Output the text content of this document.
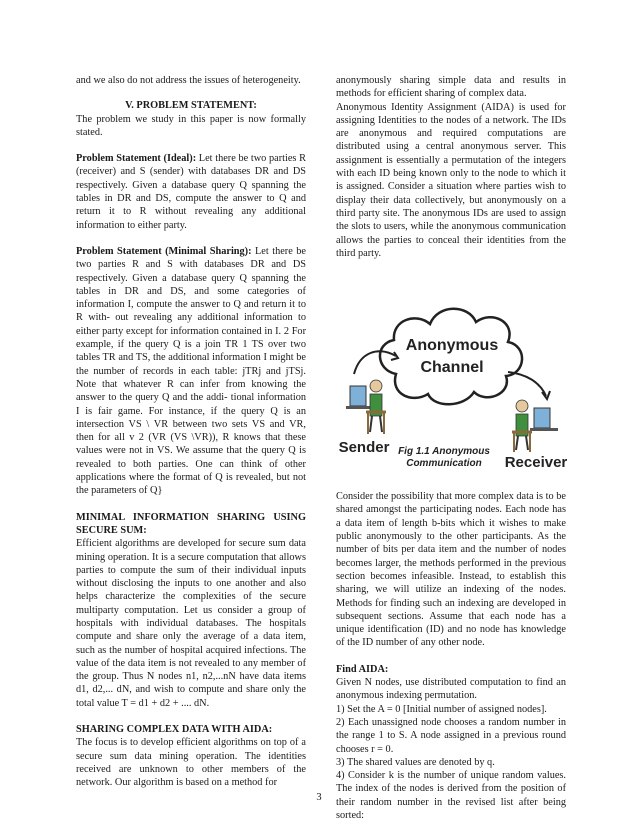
and we also do not address the issues of heterogeneity.

V. PROBLEM STATEMENT:

The problem we study in this paper is now formally stated.

Problem Statement (Ideal): Let there be two parties R (receiver) and S (sender) with databases DR and DS respectively. Given a database query Q spanning the tables in DR and DS, compute the answer to Q and return it to R without revealing any additional information to either party.

Problem Statement (Minimal Sharing): Let there be two parties R and S with databases DR and DS respectively. Given a database query Q spanning the tables in DR and DS, and some categories of information I, compute the answer to Q and return it to R with- out revealing any additional information to either party except for information contained in I. 2 For example, if the query Q is a join TR 1 TS over two tables TR and TS, the additional information I might be the number of records in each table: jTRj and jTSj. Note that whatever R can infer from knowing the answer to the query Q and the addi- tional information I is fair game. For instance, if the query Q is an intersection VS \ VR between two sets VS and VR, then for all v 2 (VR (VS \VR)), R knows that these values were not in VS. We assume that the query Q is revealed to both parties. One can think of other applications where the format of Q is revealed, but not the parameters of Q}

MINIMAL INFORMATION SHARING USING SECURE SUM:

Efficient algorithms are developed for secure sum data mining operation. It is a secure computation that allows parties to compute the sum of their individual inputs without disclosing the inputs to one another and also helps characterize the complexities of the secure multiparty computation. Let us consider a group of hospitals with individual databases. The hospitals compute and share only the average of a data item, such as the number of hospital acquired infections. The value of the data item is not revealed to any member of the group. Thus N nodes n1, n2,...nN have data items d1, d2,... dN, and wish to compute and share only the total value T = d1 + d2 + .... dN.

SHARING COMPLEX DATA WITH AIDA:

The focus is to develop efficient algorithms on top of a secure sum data mining operation. The identities received are unknown to other members of the network. Our algorithm is based on a method for

anonymously sharing simple data and results in methods for efficient sharing of complex data.

Anonymous Identity Assignment (AIDA) is used for assigning Identities to the nodes of a network. The IDs are anonymous and required computations are distributed using a central anonymous server. This assignment is essentially a permutation of the integers with each ID being known only to the node to which it is assigned. Consider a situation where parties wish to display their data collectively, but anonymously on a third party site. The anonymous IDs are used to assign the slots to users, while the anonymous communication allows the parties to conceal their identities from the third party.

Anonymous
Channel
Sender
Receiver
Fig 1.1 Anonymous
Communication

Consider the possibility that more complex data is to be shared amongst the participating nodes. Each node has a data item of length b-bits which it wishes to make public anonymously to the other participants. As the number of bits per data item and the number of nodes becomes larger, the methods performed in the previous section becomes infeasible. Instead, to establish this sharing, we will utilize an indexing of the nodes. Methods for finding such an indexing are developed in subsequent sections. Assume that each node has a unique identification (ID) and no node has knowledge of the ID number of any other node.

Find AIDA:

Given N nodes, use distributed computation to find an anonymous indexing permutation.

1) Set the A = 0 [Initial number of assigned nodes].

2) Each unassigned node chooses a random number in the range 1 to S. A node assigned in a previous round chooses r = 0.

3) The shared values are denoted by q.

4) Consider k is the number of unique random values. The index of the nodes is derived from the position of their random number in the revised list after being sorted:

3
